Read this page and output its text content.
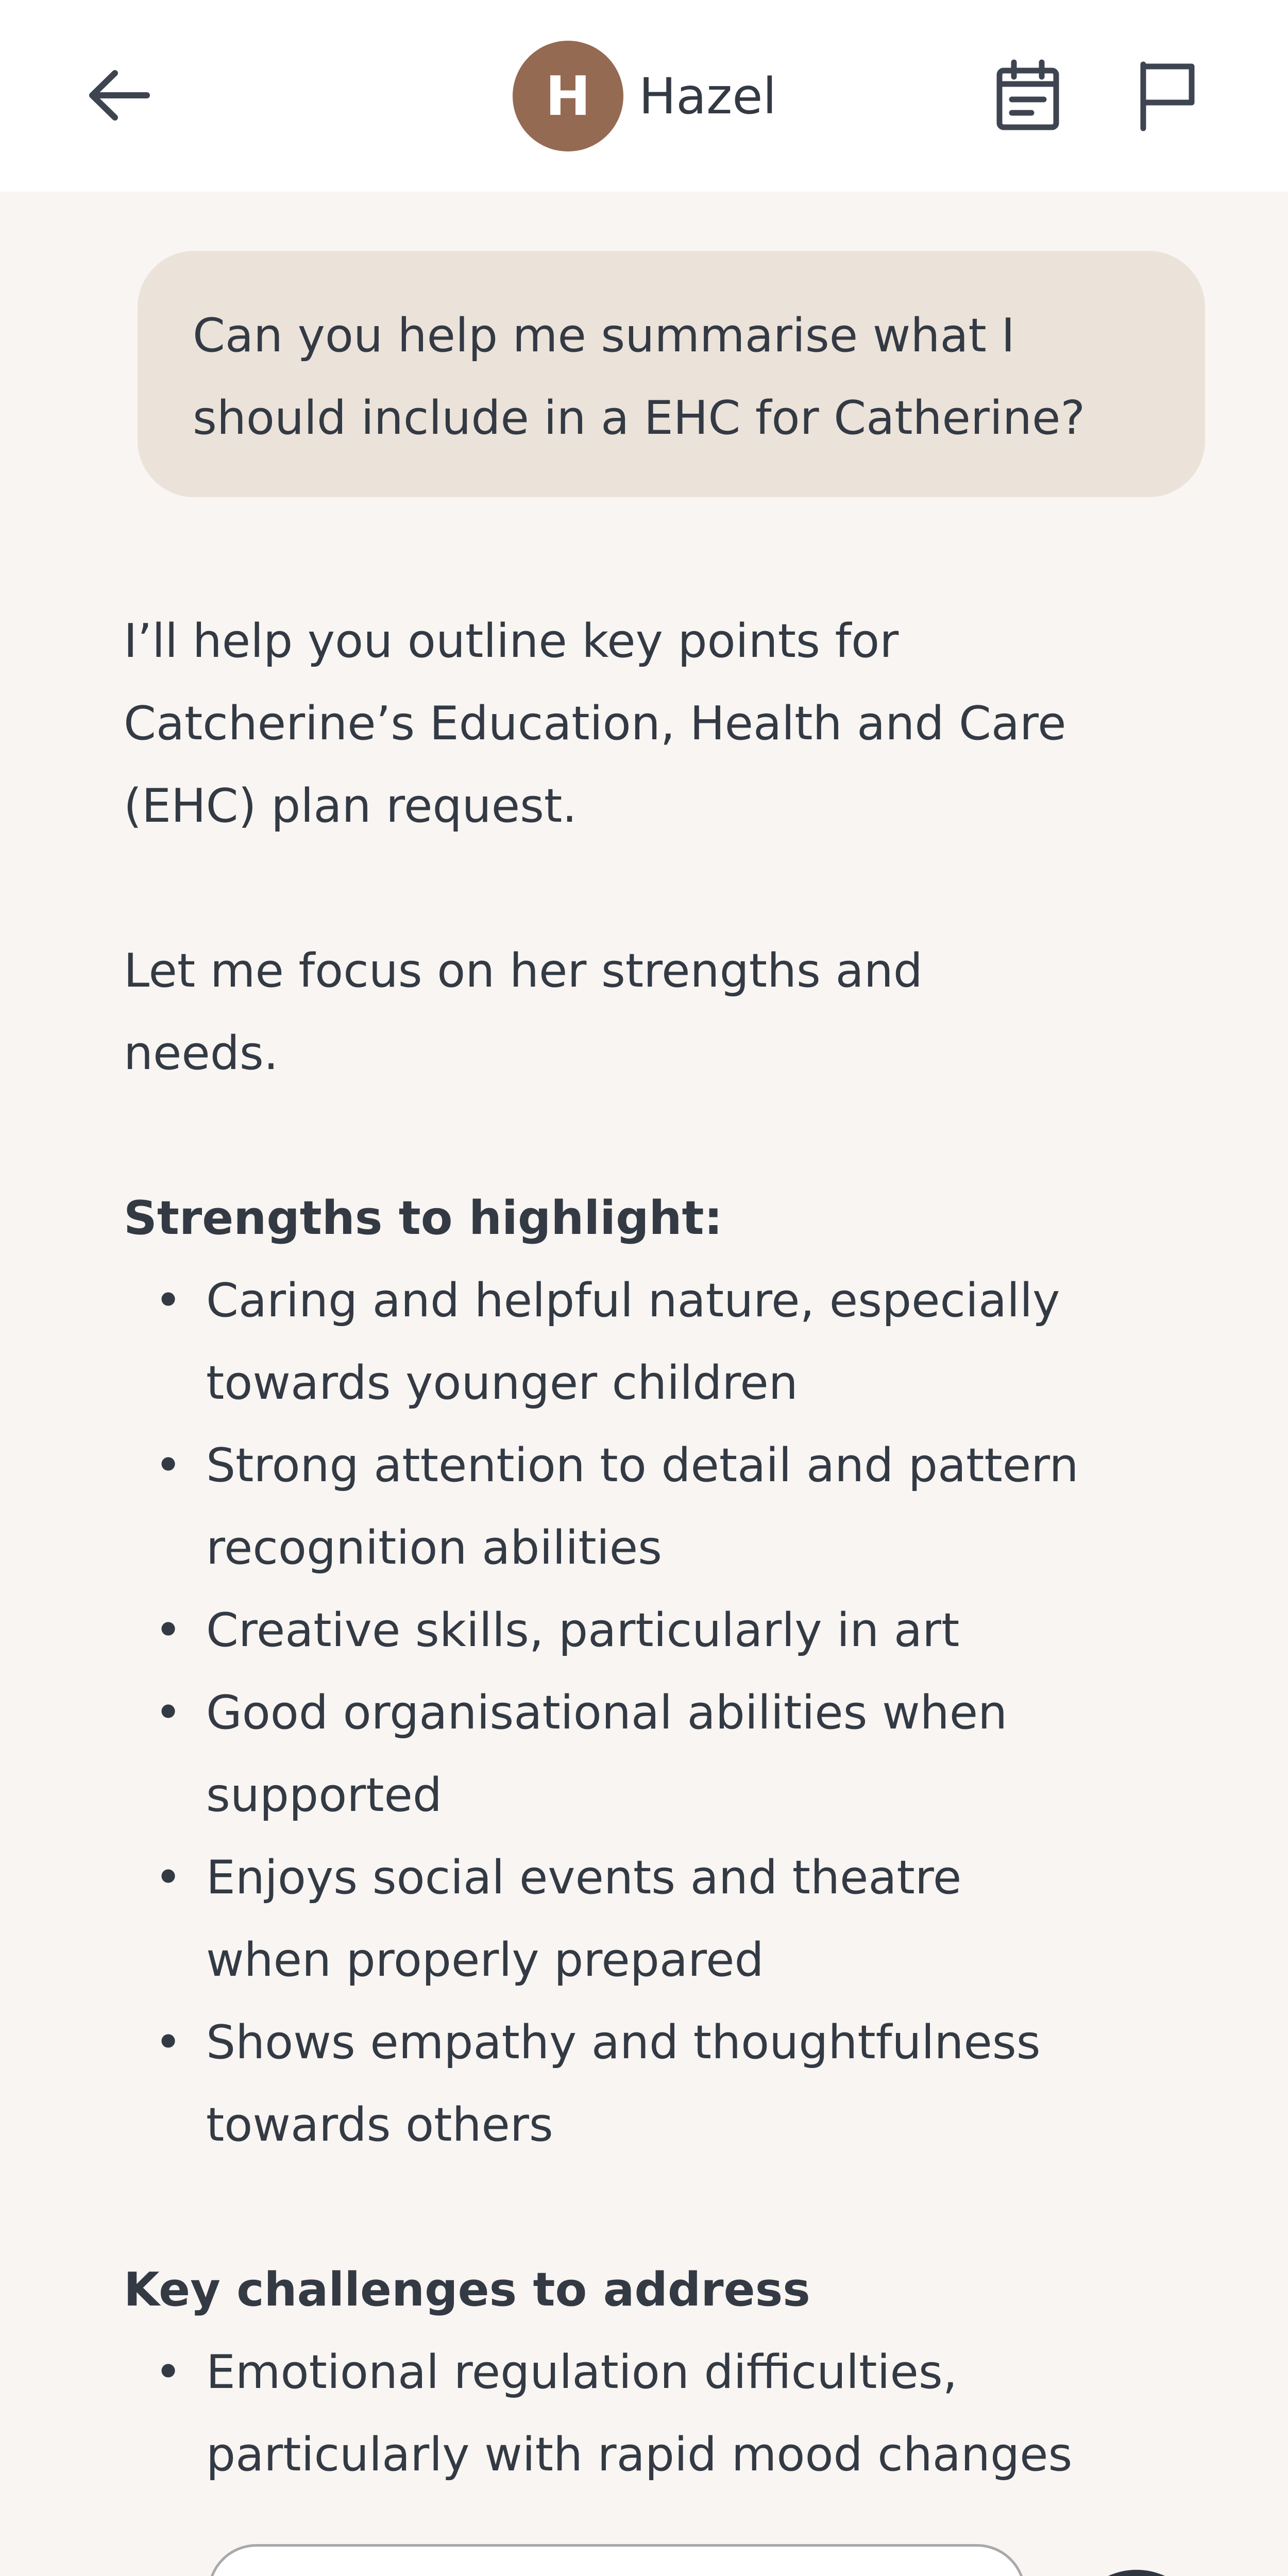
H Hazel

Can you help me summarise what I

should include in a EHC for Catherine?

I’ll help you outline key points for

Catcherine’s Education, Health and Care

(EHC) plan request.

Let me focus on her strengths and

needs.

Strengths to highlight:

• Caring and helpful nature, especially
towards younger children
• Strong attention to detail and pattern
recognition abilities
• Creative skills, particularly in art
• Good organisational abilities when
supported
• Enjoys social events and theatre
when properly prepared
• Shows empathy and thoughtfulness
towards others

Key challenges to address

• Emotional regulation difficulties,
particularly with rapid mood changes
Type your message here
